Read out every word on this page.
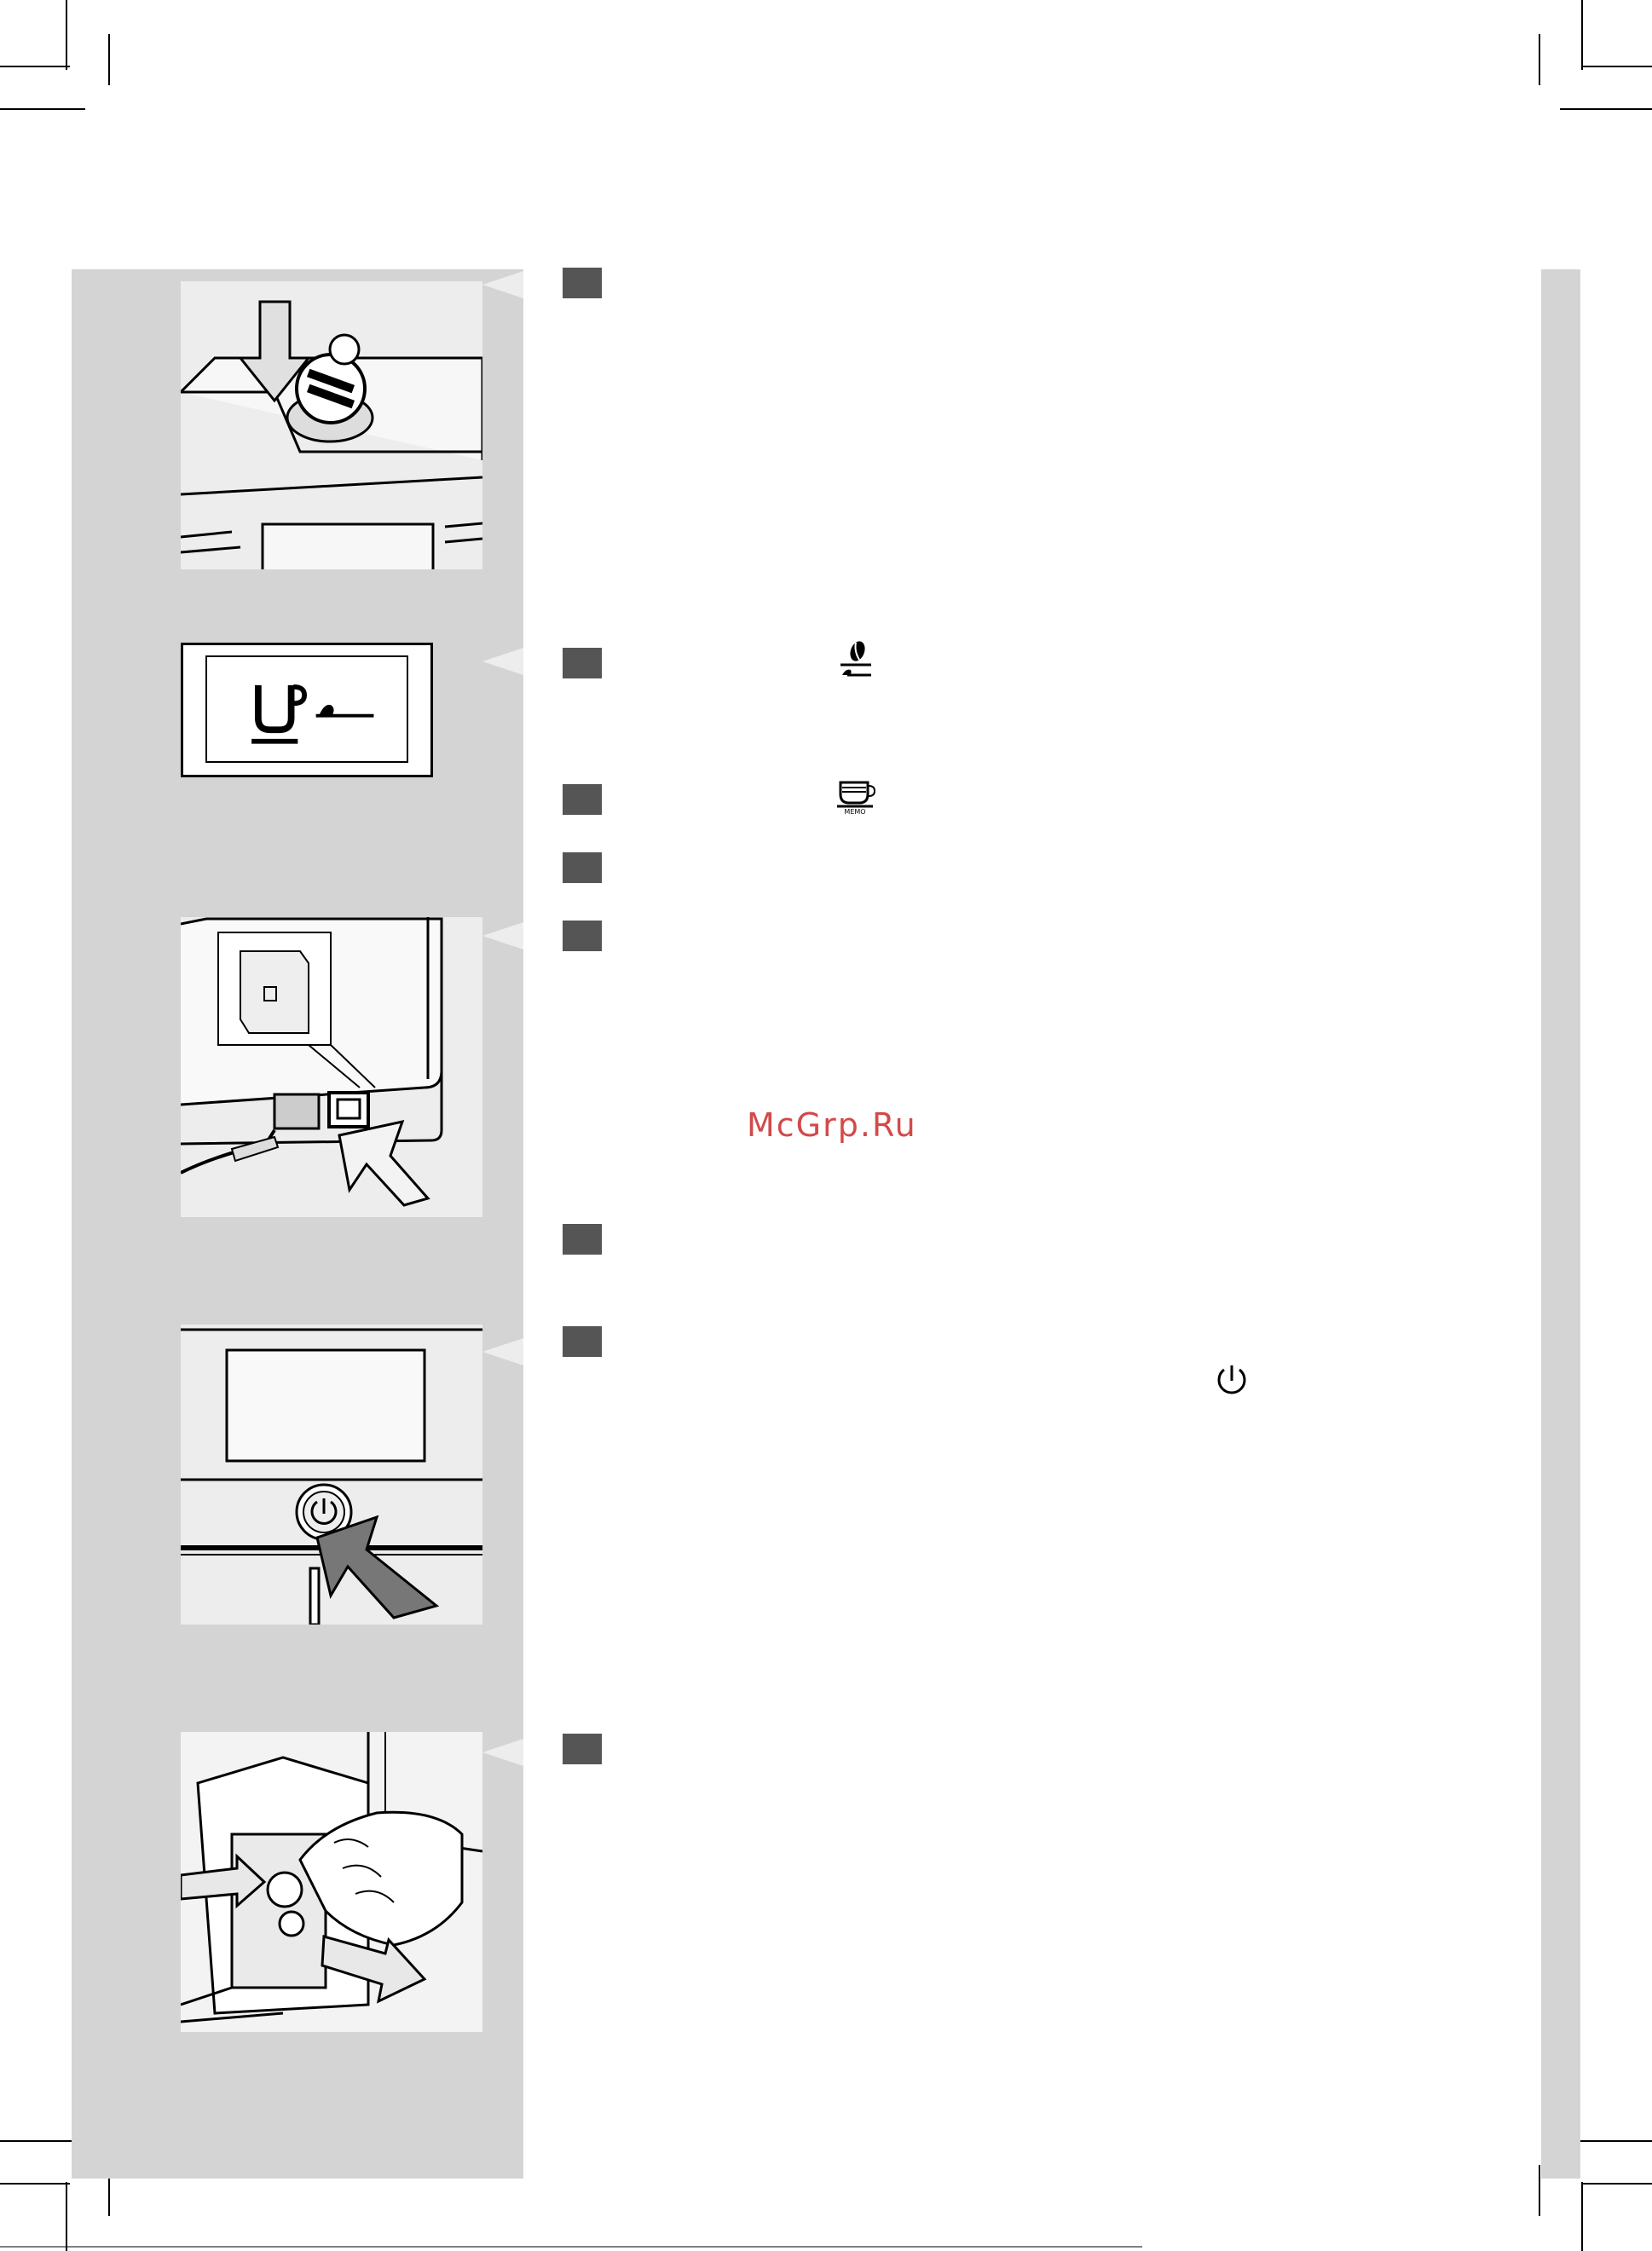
MEMO
McGrp.Ru
